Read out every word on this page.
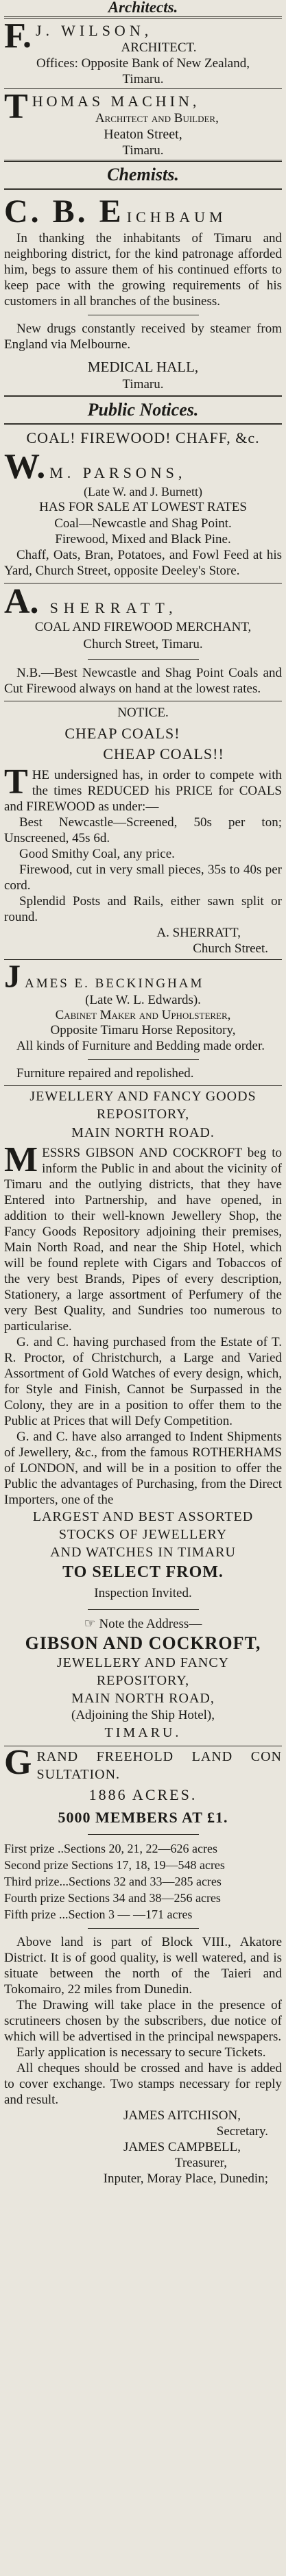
Architects.
F. J. WILSON,
ARCHITECT.
Offices: Opposite Bank of New Zealand,
Timaru.
T HOMAS MACHIN,
Architect and Builder,
Heaton Street,
Timaru.
Chemists.
C. B. E ICHBAUM

In thanking the inhabitants of Timaru and neighboring district, for the kind patronage afforded him, begs to assure them of his continued efforts to keep pace with the growing requirements of his customers in all branches of the business.

New drugs constantly received by steamer from England via Melbourne.

MEDICAL HALL,
Timaru.
Public Notices.
COAL! FIREWOOD! CHAFF, &c.
W. M. PARSONS,
(Late W. and J. Burnett)
HAS FOR SALE AT LOWEST RATES
Coal—Newcastle and Shag Point.
Firewood, Mixed and Black Pine.

Chaff, Oats, Bran, Potatoes, and Fowl Feed at his Yard, Church Street, opposite Deeley's Store.

A. SHERRATT,
COAL AND FIREWOOD MERCHANT,
Church Street, Timaru.

N.B.—Best Newcastle and Shag Point Coals and Cut Firewood always on hand at the lowest rates.

NOTICE.
CHEAP COALS!
CHEAP COALS!!
T HE undersigned has, in order to compete with the times REDUCED his PRICE for COALS and FIREWOOD as under:—

Best Newcastle—Screened, 50s per ton; Unscreened, 45s 6d.

Good Smithy Coal, any price.

Firewood, cut in very small pieces, 35s to 40s per cord.

Splendid Posts and Rails, either sawn split or round.

A. SHERRATT,
Church Street.
J AMES E. BECKINGHAM
(Late W. L. Edwards).
Cabinet Maker and Upholsterer,
Opposite Timaru Horse Repository,

All kinds of Furniture and Bedding made order.

Furniture repaired and repolished.

JEWELLERY AND FANCY GOODS
REPOSITORY,
MAIN NORTH ROAD.
M ESSRS GIBSON AND COCKROFT beg to inform the Public in and about the vicinity of Timaru and the outlying districts, that they have Entered into Partnership, and have opened, in addition to their well-known Jewellery Shop, the Fancy Goods Repository adjoining their premises, Main North Road, and near the Ship Hotel, which will be found replete with Cigars and Tobaccos of the very best Brands, Pipes of every description, Stationery, a large assortment of Perfumery of the very Best Quality, and Sundries too numerous to particularise.

G. and C. having purchased from the Estate of T. R. Proctor, of Christchurch, a Large and Varied Assortment of Gold Watches of every design, which, for Style and Finish, Cannot be Surpassed in the Colony, they are in a position to offer them to the Public at Prices that will Defy Competition.

G. and C. have also arranged to Indent Shipments of Jewellery, &c., from the famous ROTHERHAMS of LONDON, and will be in a position to offer the Public the advantages of Purchasing, from the Direct Importers, one of the

LARGEST AND BEST ASSORTED
STOCKS OF JEWELLERY
AND WATCHES IN TIMARU
TO SELECT FROM.
Inspection Invited.
☞ Note the Address—
GIBSON AND COCKROFT,
JEWELLERY AND FANCY
REPOSITORY,
MAIN NORTH ROAD,
(Adjoining the Ship Hotel),
TIMARU.
G RAND FREEHOLD LAND CON SULTATION.
1886 ACRES.
5000 MEMBERS AT £1.
First prize ..Sections 20, 21, 22—626 acres
Second prize Sections 17, 18, 19—548 acres
Third prize...Sections 32 and 33—285 acres
Fourth prize Sections 34 and 38—256 acres
Fifth prize ...Section 3 — —171 acres

Above land is part of Block VIII., Akatore District. It is of good quality, is well watered, and is situate between the north of the Taieri and Tokomairo, 22 miles from Dunedin.

The Drawing will take place in the presence of scrutineers chosen by the subscribers, due notice of which will be advertised in the principal newspapers.

Early application is necessary to secure Tickets.

All cheques should be crossed and have is added to cover exchange. Two stamps necessary for reply and result.

JAMES AITCHISON,
Secretary.
JAMES CAMPBELL,
Treasurer,
Inputer, Moray Place, Dunedin;
